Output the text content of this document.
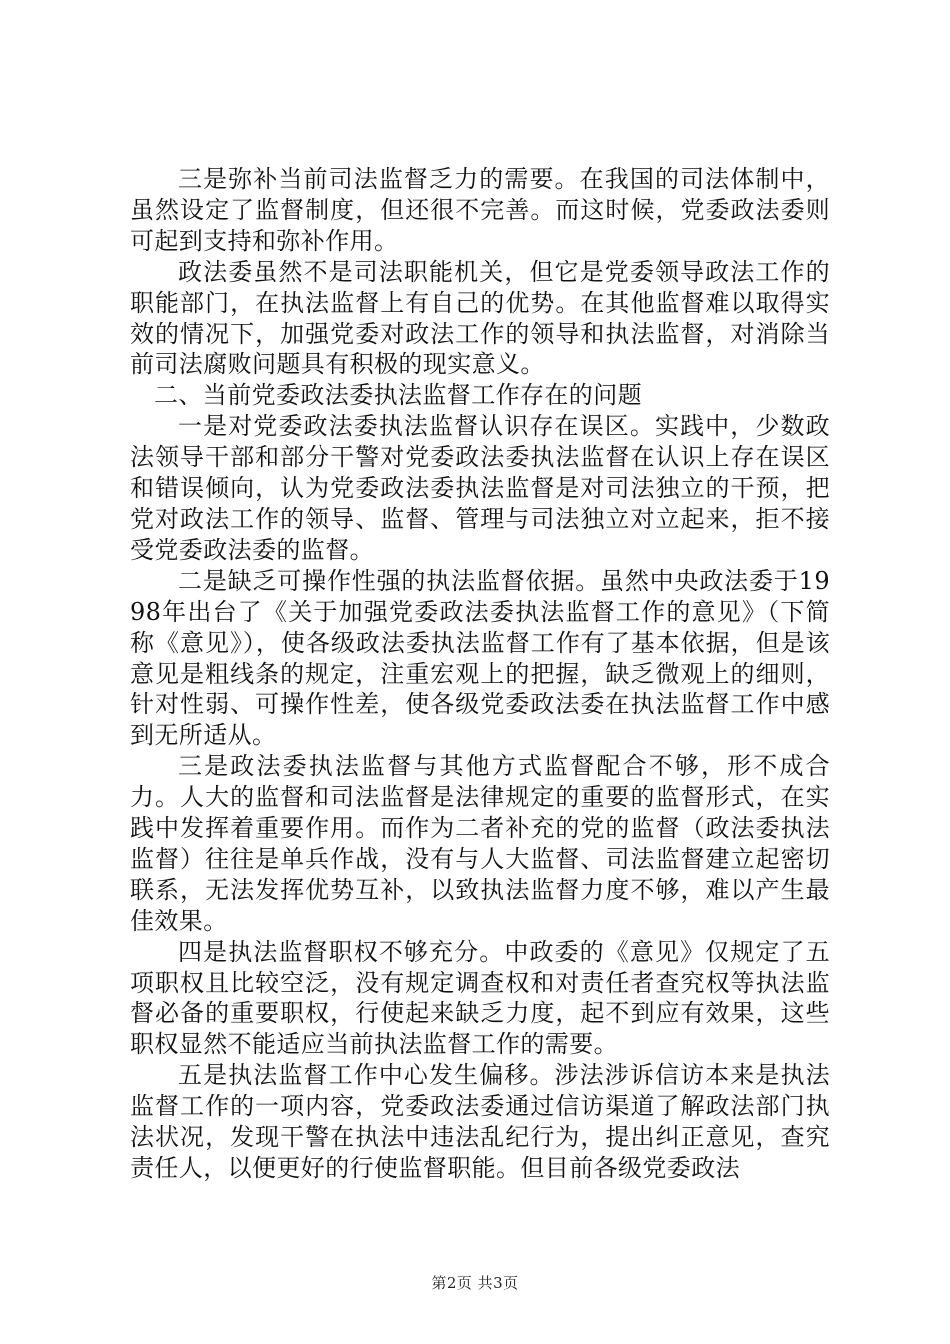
三是弥补当前司法监督乏力的需要。在我国的司法体制中，虽然设定了监督制度，但还很不完善。而这时候，党委政法委则可起到支持和弥补作用。

政法委虽然不是司法职能机关，但它是党委领导政法工作的职能部门，在执法监督上有自己的优势。在其他监督难以取得实效的情况下，加强党委对政法工作的领导和执法监督，对消除当前司法腐败问题具有积极的现实意义。

二、当前党委政法委执法监督工作存在的问题

一是对党委政法委执法监督认识存在误区。实践中，少数政法领导干部和部分干警对党委政法委执法监督在认识上存在误区和错误倾向，认为党委政法委执法监督是对司法独立的干预，把党对政法工作的领导、监督、管理与司法独立对立起来，拒不接受党委政法委的监督。

二是缺乏可操作性强的执法监督依据。虽然中央政法委于1998年出台了《关于加强党委政法委执法监督工作的意见》（下简称《意见》），使各级政法委执法监督工作有了基本依据，但是该意见是粗线条的规定，注重宏观上的把握，缺乏微观上的细则，针对性弱、可操作性差，使各级党委政法委在执法监督工作中感到无所适从。

三是政法委执法监督与其他方式监督配合不够，形不成合力。人大的监督和司法监督是法律规定的重要的监督形式，在实践中发挥着重要作用。而作为二者补充的党的监督（政法委执法监督）往往是单兵作战，没有与人大监督、司法监督建立起密切联系，无法发挥优势互补，以致执法监督力度不够，难以产生最佳效果。

四是执法监督职权不够充分。中政委的《意见》仅规定了五项职权且比较空泛，没有规定调查权和对责任者查究权等执法监督必备的重要职权，行使起来缺乏力度，起不到应有效果，这些职权显然不能适应当前执法监督工作的需要。

五是执法监督工作中心发生偏移。涉法涉诉信访本来是执法监督工作的一项内容，党委政法委通过信访渠道了解政法部门执法状况，发现干警在执法中违法乱纪行为，提出纠正意见，查究责任人，以便更好的行使监督职能。但目前各级党委政法

第2页 共3页
